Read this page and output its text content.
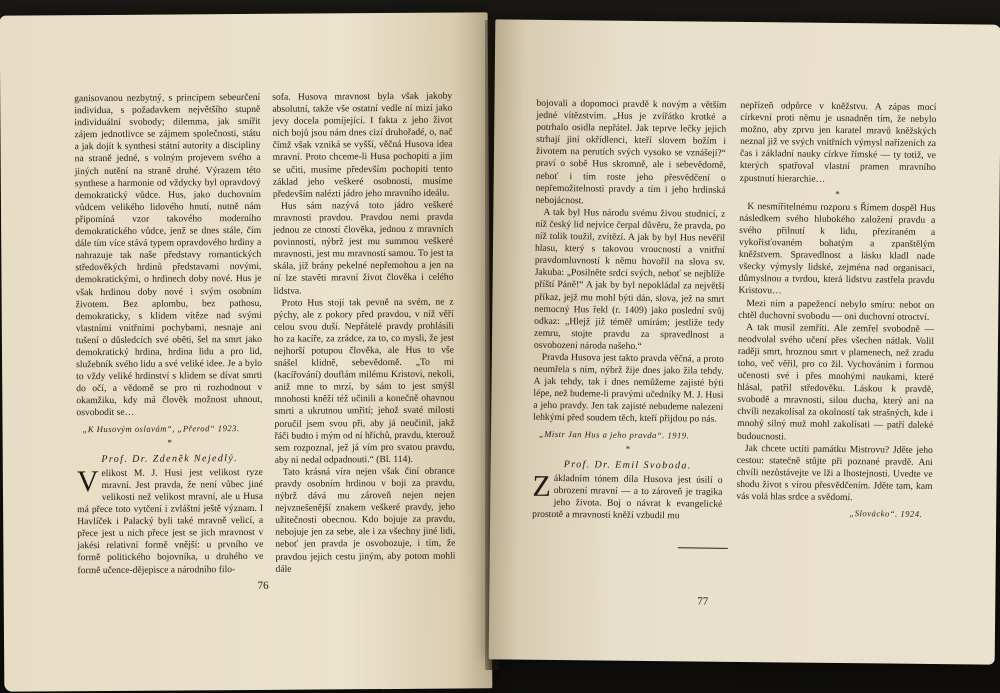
ganisovanou nezbytný, s principem sebeurčení individua, s požadavkem největšího stupně individuální svobody; dilemma, jak smířit zájem jednotlivce se zájmem společnosti, státu a jak dojít k synthesi státní autority a discipliny na straně jedné, s volným projevem svého a jiných nutění na straně druhé. Výrazem této synthese a harmonie od vždycky byl opravdový demokratický vůdce. Hus, jako duchovním vůdcem velikého lidového hnutí, nutně nám připomíná vzor takového moderního demokratického vůdce, jenž se dnes stále, čím dále tím více stává typem opravdového hrdiny a nahrazuje tak naše představy romantických středověkých hrdinů představami novými, demokratickými, o hrdinech doby nové. Hus je však hrdinou doby nové i svým osobním životem. Bez aplombu, bez pathosu, demokraticky, s klidem vítěze nad svými vlastními vnitřními pochybami, nesnaje ani tušení o důsledcích své oběti, šel na smrt jako demokratický hrdina, hrdina lidu a pro lid, služebník svého lidu a své veliké idee. Je a bylo to vždy veliké hrdinství s klidem se dívat smrti do očí, a vědomě se pro ni rozhodnout v okamžiku, kdy má člověk možnost uhnout, osvobodit se…

„K Husovým oslavám“, „Přerod“ 1923.
*
Prof. Dr. Zdeněk Nejedlý.

Velikost M. J. Husi jest velikost ryze mravní. Jest pravda, že není vůbec jiné velikosti než velikost mravní, ale u Husa má přece toto vytčení i zvláštní ještě význam. I Havlíček i Palacký byli také mravně velicí, a přece jest u nich přece jest se jich mravnost v jakési relativní formě vnější: u prvního ve formě politického bojovníka, u druhého ve formě učence-dějepisce a národního filo-

sofa. Husova mravnost byla však jakoby absolutní, takže vše ostatní vedle ní mizí jako jevy docela pomíjející. I fakta z jeho život nich bojů jsou nám dnes cizí druhořadé, o, nač čímž však vzniká se vyšší, věčná Husova idea mravní. Proto chceme-li Husa pochopiti a jim se učiti, musíme především pochopiti tento základ jeho veškeré osobnosti, musíme především nalézti jádro jeho mravního ideálu.

Hus sám nazývá toto jádro veškeré mravnosti pravdou. Pravdou nemi pravda jednou ze ctností člověka, jednou z mravních povinností, nýbrž jest mu summou veškeré mravnosti, jest mu mravností samou. To jest ta skála, jíž brány pekelné nepřemohou a jen na ní lze stavěti mravní život člověka i celého lidstva.

Proto Hus stojí tak pevně na svém, ne z pýchy, ale z pokory před pravdou, v níž věří celou svou duší. Nepřátelé pravdy prohlásili ho za kacíře, za zrádce, za to, co mysli, že jest nejhorší potupou člověka, ale Hus to vše snášel klidně, sebevědomě. „To mi (kacířování) douflám milému Kristovi, nekoli, aniž mne to mrzí, by sám to jest smýšl mnohosti kněží též učinili a konečně ohavnou smrti a ukrutnou umřití; jehož svaté milosti poručil jsem svou při, aby já neučinil, jakž řáči budto i mým od ní hříchů, pravdu, kterouž sem rozpoznal, jež já vím pro svatou pravdu, aby ni nedal odpadnouti.“ (Bl. 114).

Tato krásná víra nejen však činí obrance pravdy osobním hrdinou v boji za pravdu, nýbrž dává mu zároveň nejen nejen nejvznešenější znakem veškeré pravdy, jeho užitečnosti obecnou. Kdo bojuje za pravdu, nebojuje jen za sebe, ale i za všechny jiné lidi, neboť jen pravda je osvobozuje, i tím, že pravdou jejich cestu jiným, aby potom mohli dále

76

bojovali a dopomoci pravdě k novým a větším jedné vítězstvím. „Hus je zvířátko krotké a potrhalo osidla nepřátel. Jak teprve lečky jejich strhají jiní okřídlenci, kteří slovem božím i životem na perutích svých vysoko se vznášejí?“ praví o sobě Hus skromně, ale i sebevědomě, neboť i tím roste jeho přesvědčení o nepřemožitelnosti pravdy a tím i jeho hrdinská nebojácnost.

A tak byl Hus národu svému živou studnicí, z níž český lid nejvíce čerpal důvěru, že pravda, po níž tolik toužil, zvítězí. A jak by byl Hus nevěřil hlasu, který s takovou vroucností a vnitřní pravdomluvností k němu hovořil na slova sv. Jakuba: „Posilněte srdcí svých, neboť se nejblíže příští Páně!“ A jak by byl nepokládal za největší příkaz, jejž mu mohl býti dán, slova, jež na smrt nemocný Hus řekl (r. 1409) jako poslední svůj odkaz: „Hlejž již téměř umírám; jestliže tedy zemru, stojte pravdu za spravedlnost a osvobození národa našeho.“

Pravda Husova jest takto pravda věčná, a proto neumřela s ním, nýbrž žije dnes jako žila tehdy. A jak tehdy, tak i dnes nemůžeme zajisté býti lépe, než budeme-li pravými učedníky M. J. Husi a jeho pravdy. Jen tak zajisté nebudeme nalezeni lehkými před soudem těch, kteří přijdou po nás.

„Mistr Jan Hus a jeho pravda“. 1919.
*
Prof. Dr. Emil Svoboda.

Základním tónem díla Husova jest úsilí o obrození mravní — a to zároveň je tragika jeho života. Boj o návrat k evangelické prostotě a mravnosti kněží vzbudil mu

nepřízeň odpůrce v kněžstvu. A zápas mocí církevní proti němu je usnadněn tím, že nebylo možno, aby zprvu jen karatel mravů kněžských neznal již ve svých vnitřních výmysl nařízeních za čas i základní nauky církve římské — ty totiž, ve kterých spatřoval vlastní pramen mravního zpustnutí hierarchie…

*

K nesmířitelnému rozporu s Římem dospěl Hus následkem svého hlubokého založení pravdu a svého přilnutí k lidu, přezíraném a vykořisťovaném bohatým a zpanštělým kněžstvem. Spravedlnost a lásku kladl nade všecky výmysly lidské, zejména nad organisaci, důmyslnou a tvrdou, která lidstvu zastřela pravdu Kristovu…

Mezi ním a papežencí nebylo smíru: nebot on chtěl duchovní svobodu — oni duchovní otroctví.

A tak musil zemříti. Ale zemřel svobodně — neodvolal svého učení přes všechen nátlak. Volil raději smrt, hroznou smrt v plamenech, než zradu toho, več věřil, pro co žil. Vychováním i formou učenosti své i přes mnohými naukami, které hlásal, patřil středověku. Láskou k pravdě, svobodě a mravnosti, silou ducha, který ani na chvíli nezakolísal za okolností tak strašných, kde i mnohý silný muž mohl zakolísati — patří daleké budoucnosti.

Jak chcete uctíti památku Mistrovu? Jděte jeho cestou: statečně stůjte při poznané pravdě. Ani chvíli nezůstávejte ve lži a lhostejnosti. Uvedte ve shodu život s vírou přesvědčením. Jděte tam, kam vás volá hlas srdce a svědomí.

„Slovácko“. 1924.
77
